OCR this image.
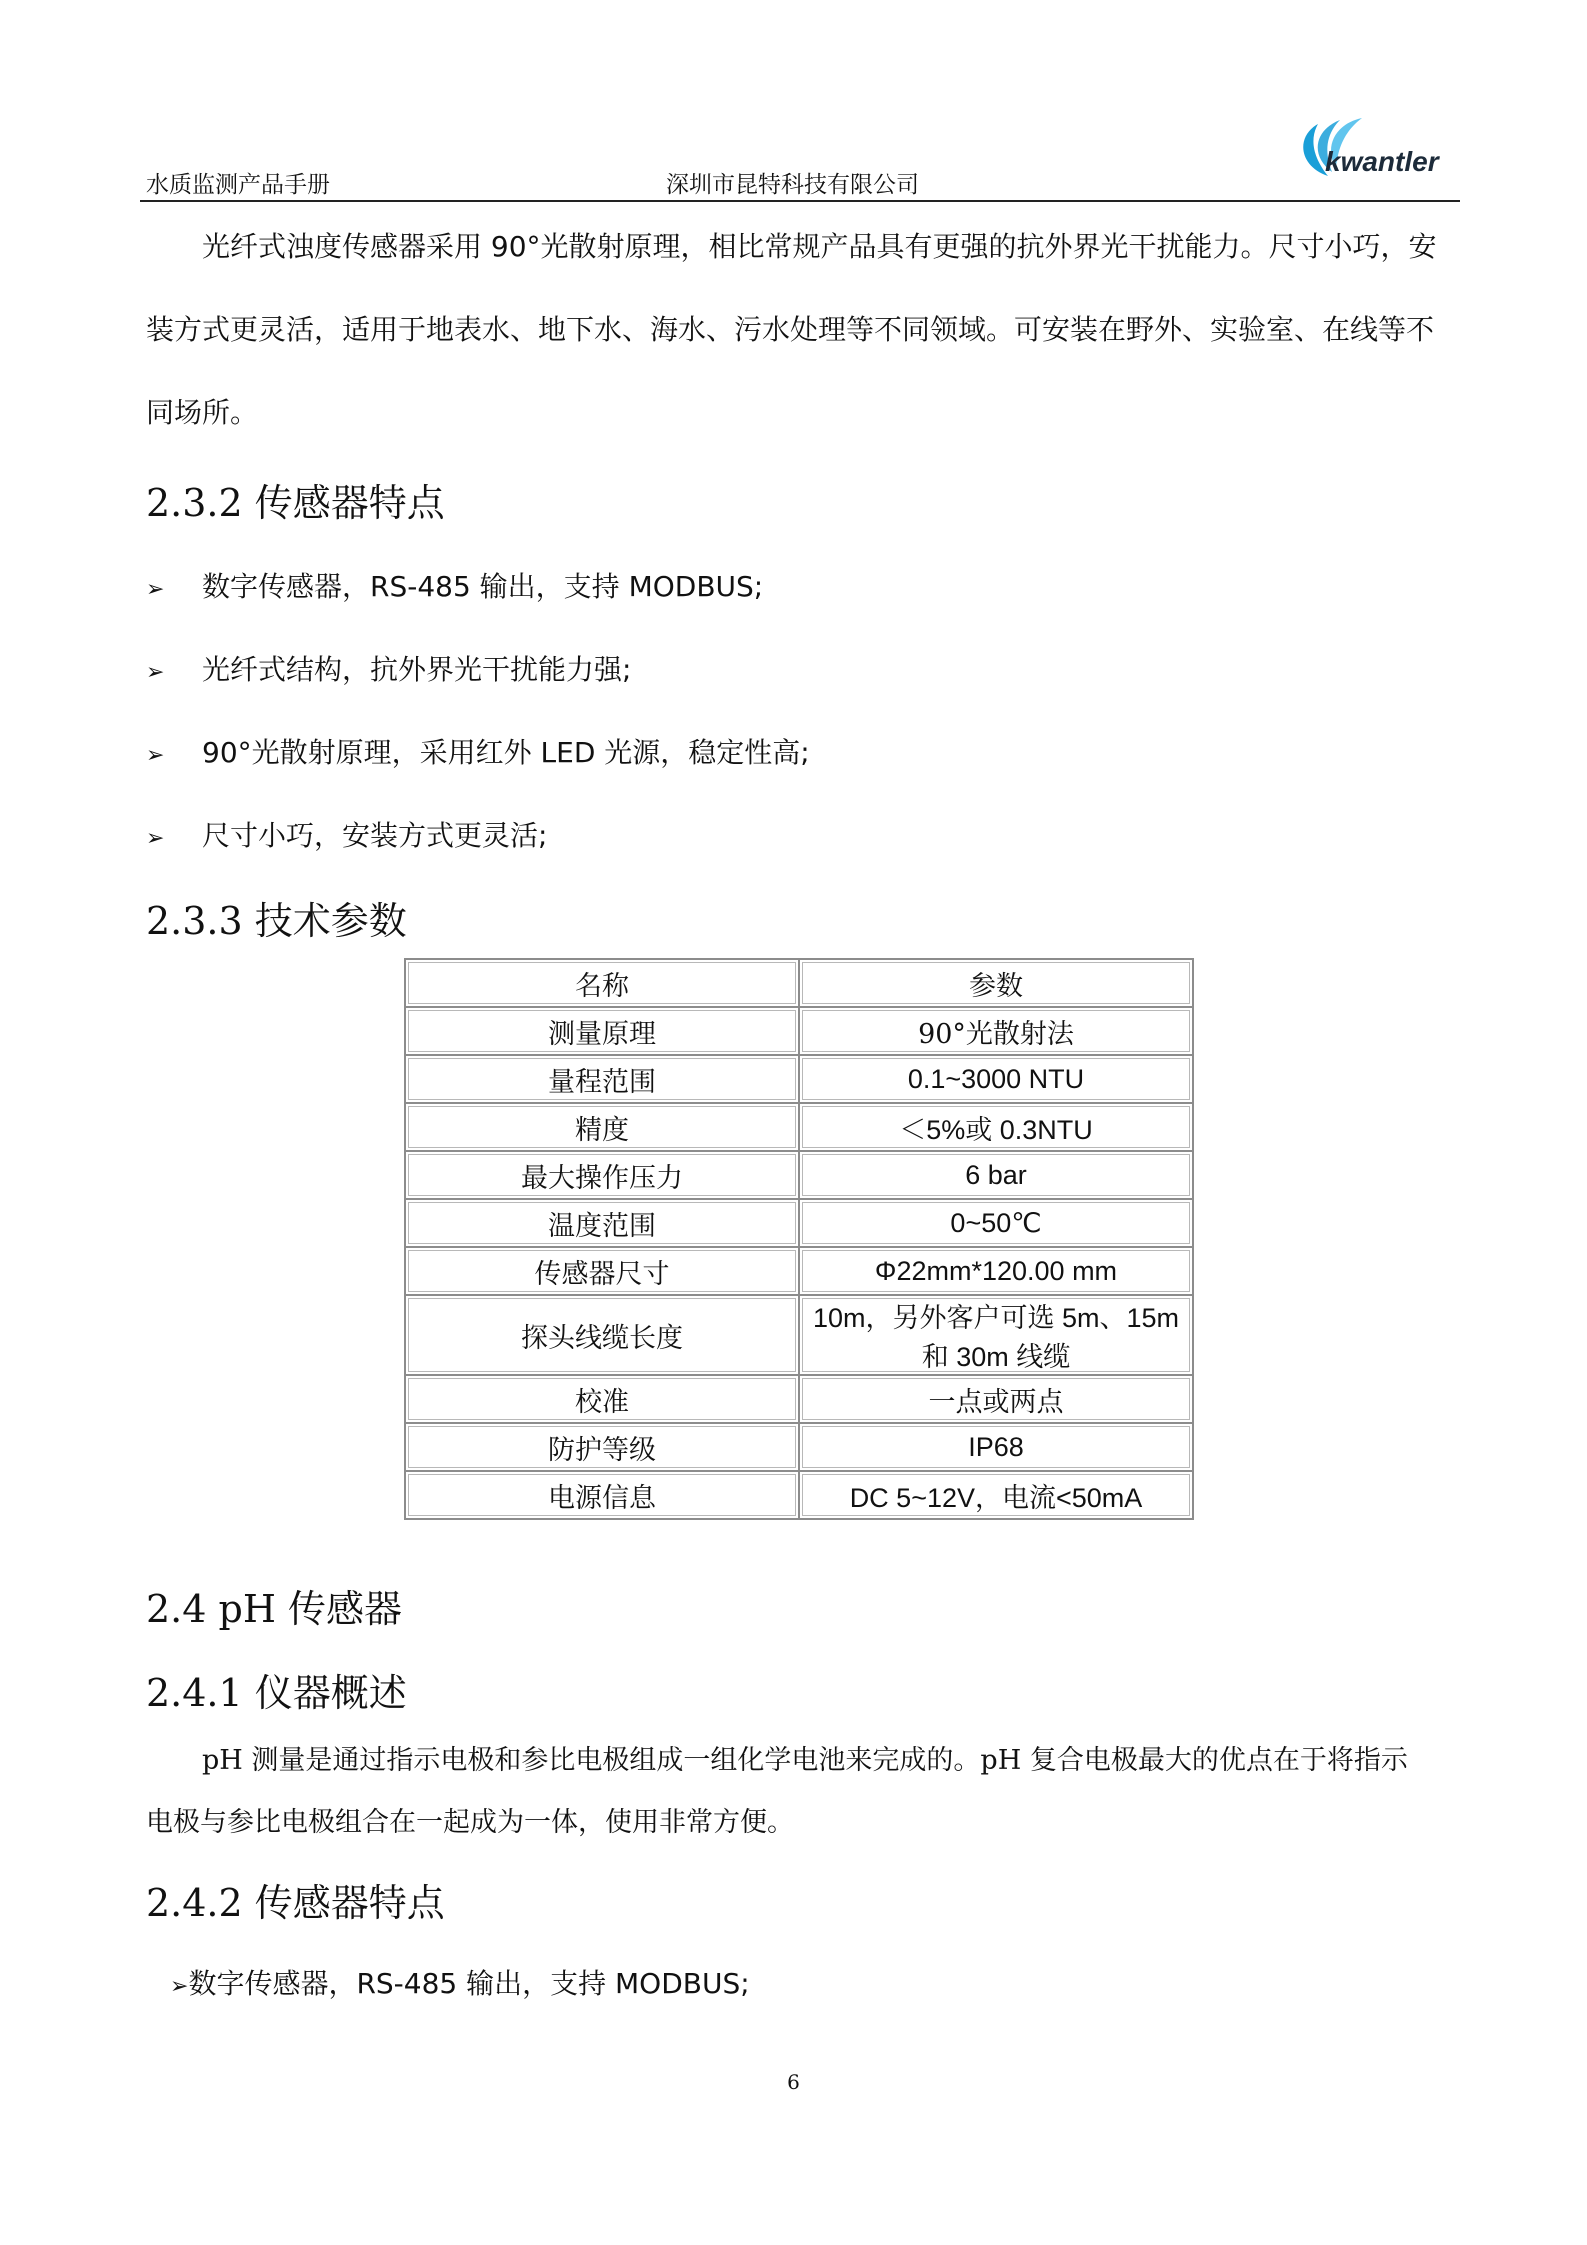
水质监测产品手册	深圳市昆特科技有限公司
kwantler
光纤式浊度传感器采用 90°光散射原理，相比常规产品具有更强的抗外界光干扰能力。尺寸小巧，安
装方式更灵活，适用于地表水、地下水、海水、污水处理等不同领域。可安装在野外、实验室、在线等不
同场所。
2.3.2 传感器特点
➢ 数字传感器，RS-485 输出，支持 MODBUS;
➢ 光纤式结构，抗外界光干扰能力强;
➢ 90°光散射原理，采用红外 LED 光源，稳定性高;
➢ 尺寸小巧，安装方式更灵活;
2.3.3 技术参数
名称	参数
测量原理	90°光散射法
量程范围	0.1~3000 NTU
精度	＜5%或 0.3NTU
最大操作压力	6 bar
温度范围	0~50℃
传感器尺寸	Φ22mm*120.00 mm
探头线缆长度	10m，另外客户可选 5m、15m 和 30m 线缆
校准	一点或两点
防护等级	IP68
电源信息	DC 5~12V，电流<50mA
2.4 pH 传感器
2.4.1 仪器概述
pH 测量是通过指示电极和参比电极组成一组化学电池来完成的。pH 复合电极最大的优点在于将指示
电极与参比电极组合在一起成为一体，使用非常方便。
2.4.2 传感器特点
➢数字传感器，RS-485 输出，支持 MODBUS;
6
